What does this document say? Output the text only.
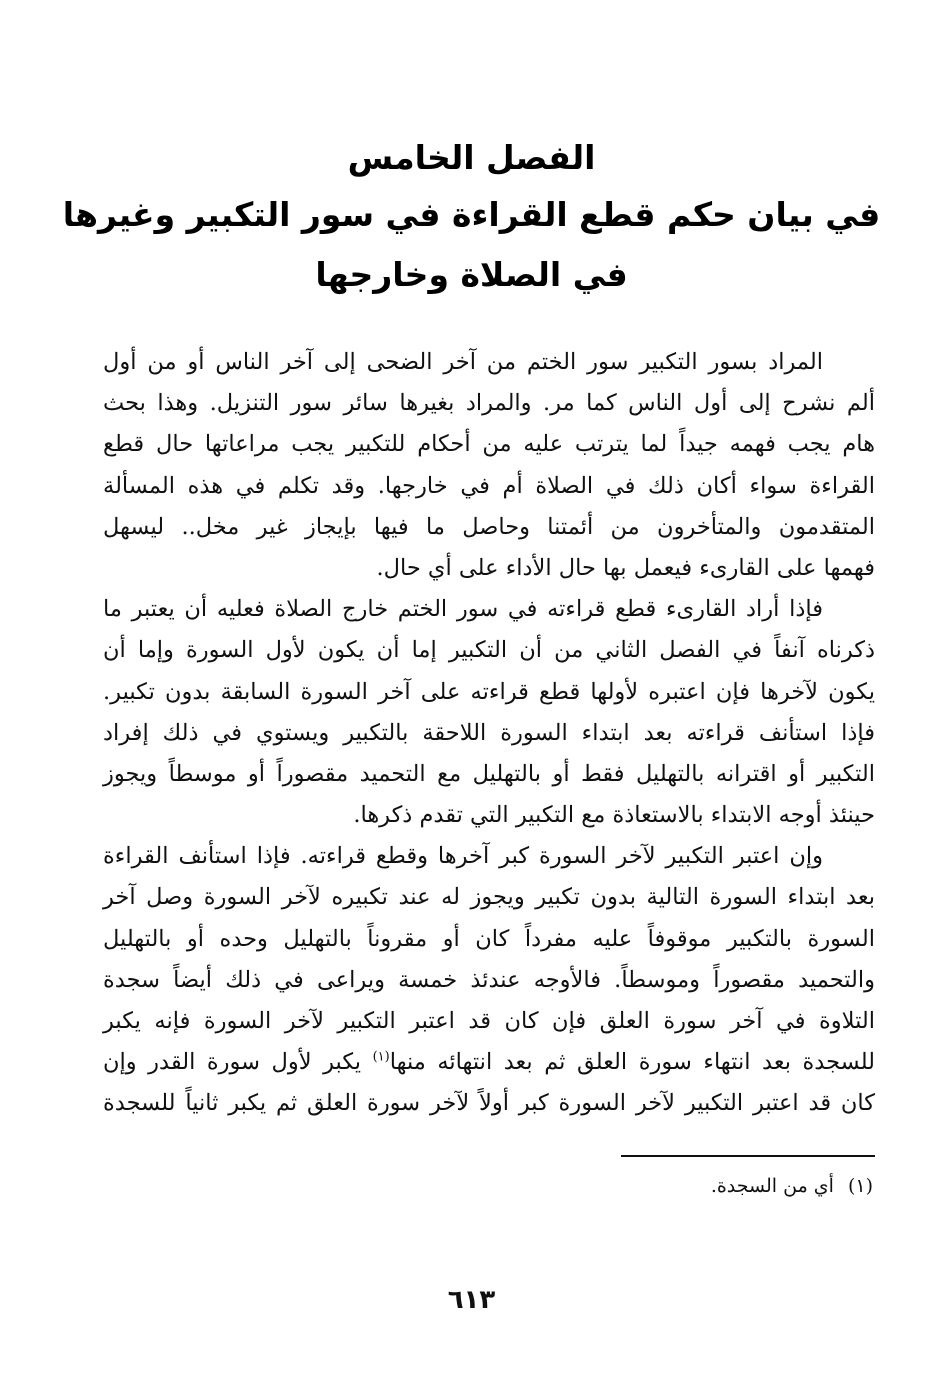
الفصل الخامس
في بيان حكم قطع القراءة في سور التكبير وغيرها
في الصلاة وخارجها
المراد بسور التكبير سور الختم من آخر الضحى إلى آخر الناس أو من أول
ألم نشرح إلى أول الناس كما مر. والمراد بغيرها سائر سور التنزيل. وهذا بحث
هام يجب فهمه جيداً لما يترتب عليه من أحكام للتكبير يجب مراعاتها حال قطع
القراءة سواء أكان ذلك في الصلاة أم في خارجها. وقد تكلم في هذه المسألة
المتقدمون والمتأخرون من أئمتنا وحاصل ما فيها بإيجاز غير مخل.. ليسهل
فهمها على القارىء فيعمل بها حال الأداء على أي حال.
فإذا أراد القارىء قطع قراءته في سور الختم خارج الصلاة فعليه أن يعتبر ما
ذكرناه آنفاً في الفصل الثاني من أن التكبير إما أن يكون لأول السورة وإما أن
يكون لآخرها فإن اعتبره لأولها قطع قراءته على آخر السورة السابقة بدون تكبير.
فإذا استأنف قراءته بعد ابتداء السورة اللاحقة بالتكبير ويستوي في ذلك إفراد
التكبير أو اقترانه بالتهليل فقط أو بالتهليل مع التحميد مقصوراً أو موسطاً ويجوز
حينئذ أوجه الابتداء بالاستعاذة مع التكبير التي تقدم ذكرها.
وإن اعتبر التكبير لآخر السورة كبر آخرها وقطع قراءته. فإذا استأنف القراءة
بعد ابتداء السورة التالية بدون تكبير ويجوز له عند تكبيره لآخر السورة وصل آخر
السورة بالتكبير موقوفاً عليه مفرداً كان أو مقروناً بالتهليل وحده أو بالتهليل
والتحميد مقصوراً وموسطاً. فالأوجه عندئذ خمسة ويراعى في ذلك أيضاً سجدة
التلاوة في آخر سورة العلق فإن كان قد اعتبر التكبير لآخر السورة فإنه يكبر
للسجدة بعد انتهاء سورة العلق ثم بعد انتهائه منها$^{(١)}$ يكبر لأول سورة القدر وإن
كان قد اعتبر التكبير لآخر السورة كبر أولاً لآخر سورة العلق ثم يكبر ثانياً للسجدة
(١)أي من السجدة.
٦١٣
